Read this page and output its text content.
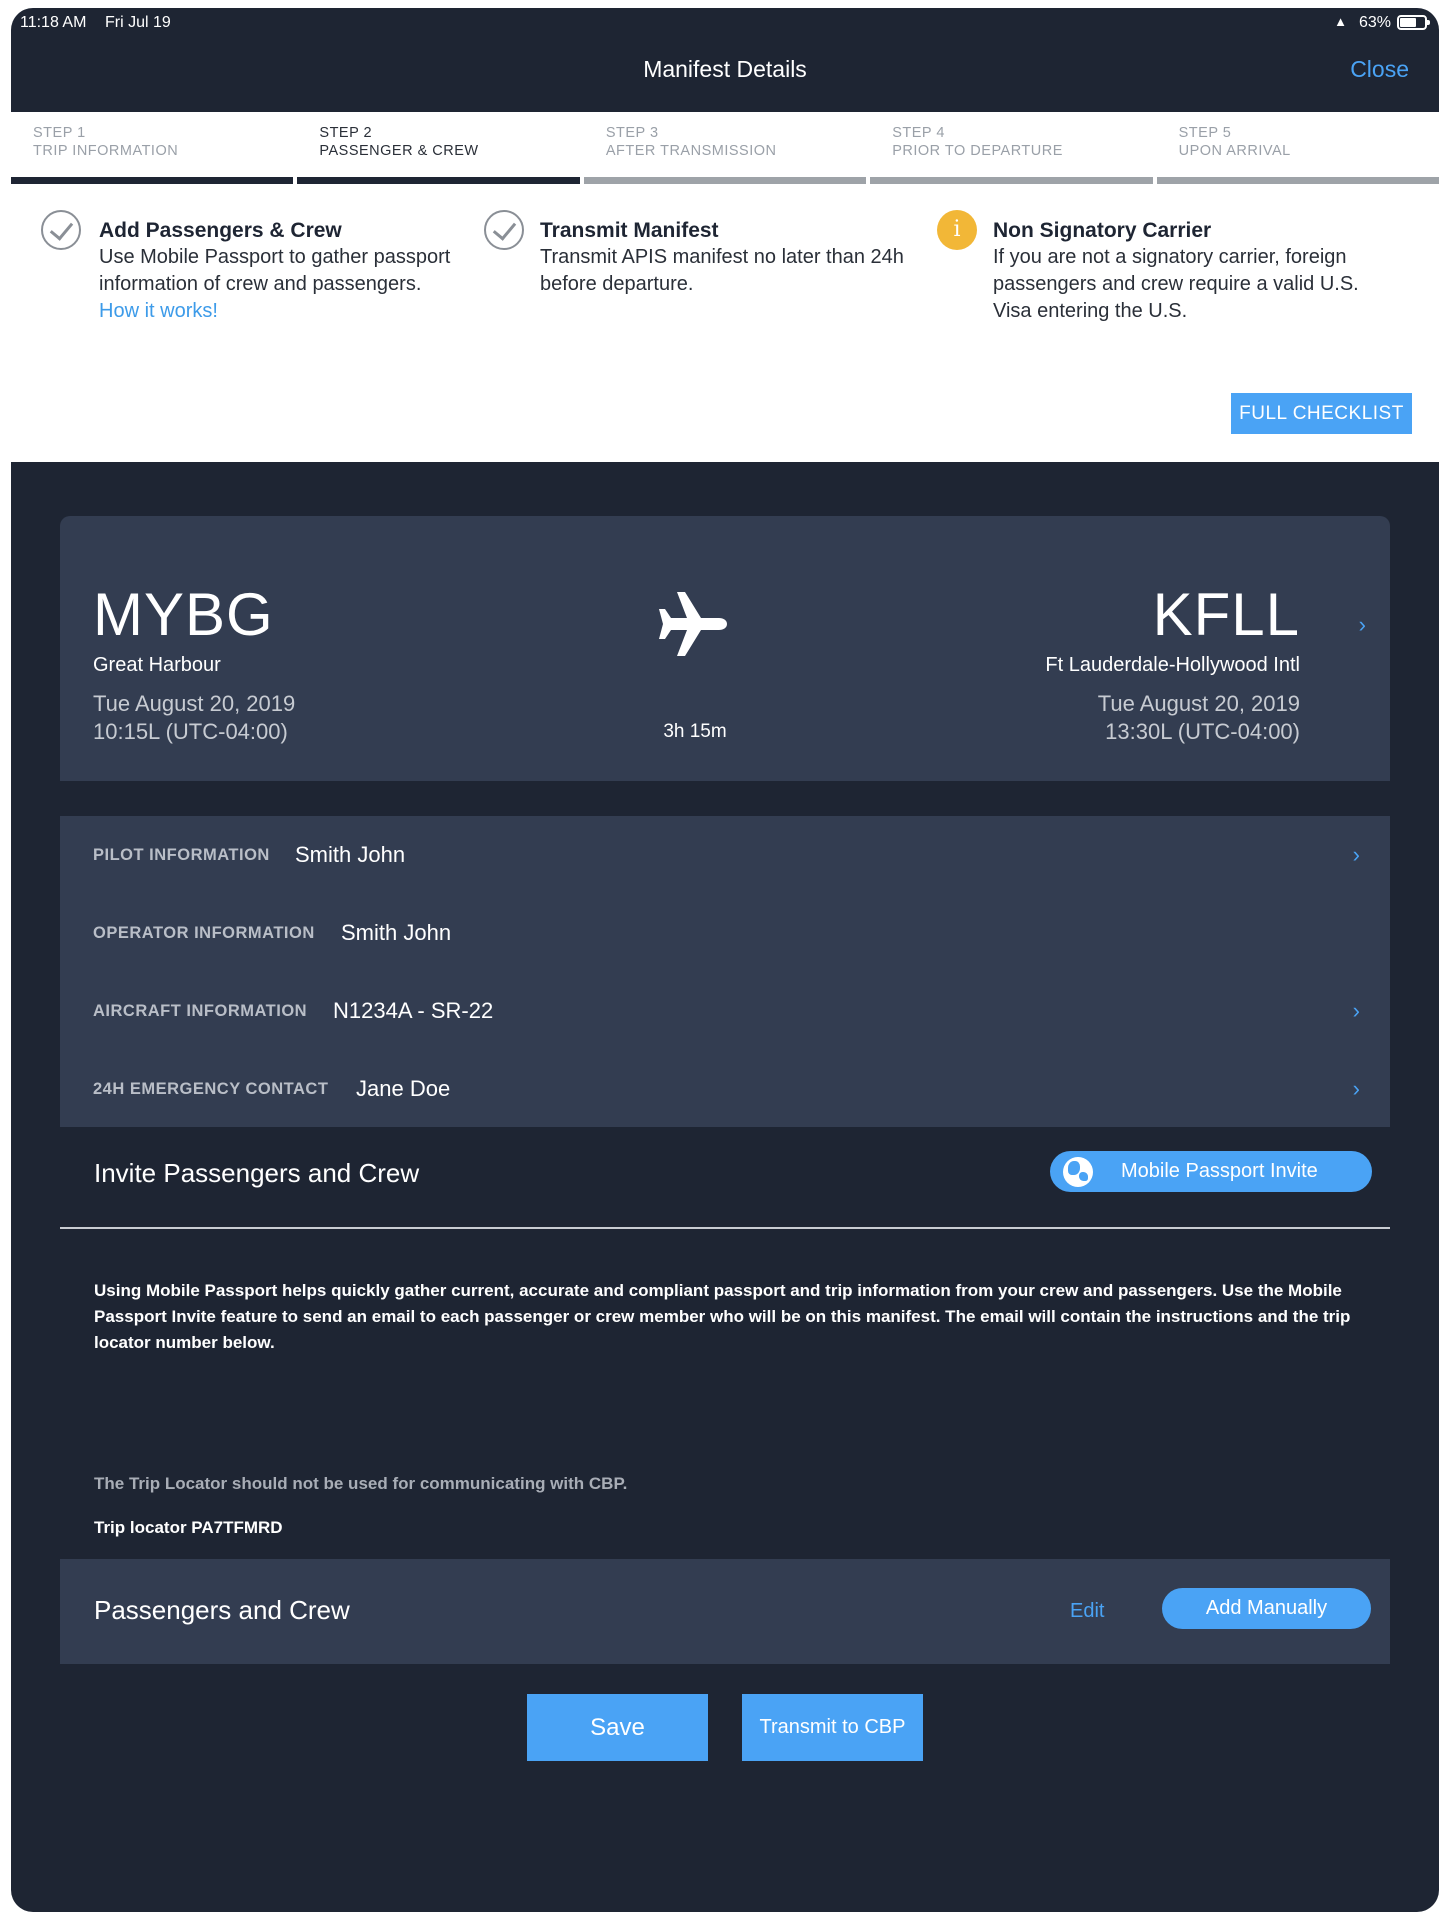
11:18 AM Fri Jul 19	▲ 63%
Manifest Details	Close
STEP 1
TRIP INFORMATION
STEP 2
PASSENGER & CREW
STEP 3
AFTER TRANSMISSION
STEP 4
PRIOR TO DEPARTURE
STEP 5
UPON ARRIVAL
Add Passengers & Crew
Use Mobile Passport to gather passport information of crew and passengers.
How it works!
Transmit Manifest
Transmit APIS manifest no later than 24h before departure.
i	Non Signatory Carrier
If you are not a signatory carrier, foreign passengers and crew require a valid U.S. Visa entering the U.S.
FULL CHECKLIST
MYBG
Great Harbour
Tue August 20, 2019
10:15L (UTC-04:00)	3h 15m
KFLL
Ft Lauderdale-Hollywood Intl
Tue August 20, 2019
13:30L (UTC-04:00)
›
PILOT INFORMATION Smith John	›
OPERATOR INFORMATION Smith John
AIRCRAFT INFORMATION N1234A - SR-22	›
24H EMERGENCY CONTACT Jane Doe	›
Invite Passengers and Crew	Mobile Passport Invite
Using Mobile Passport helps quickly gather current, accurate and compliant passport and trip information from your crew and passengers. Use the Mobile Passport Invite feature to send an email to each passenger or crew member who will be on this manifest. The email will contain the instructions and the trip locator number below.
The Trip Locator should not be used for communicating with CBP.
Trip locator PA7TFMRD
Passengers and Crew	Edit	Add Manually
Save	Transmit to CBP
